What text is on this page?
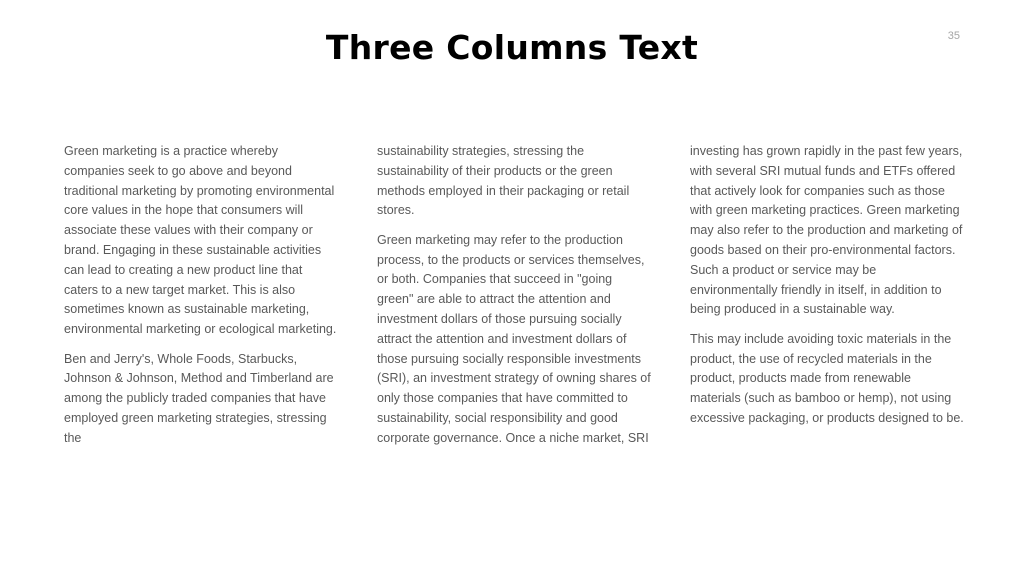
Three Columns Text	35

Green marketing is a practice whereby companies seek to go above and beyond traditional marketing by promoting environmental core values in the hope that consumers will associate these values with their company or brand. Engaging in these sustainable activities can lead to creating a new product line that caters to a new target market. This is also sometimes known as sustainable marketing, environmental marketing or ecological marketing.

Ben and Jerry's, Whole Foods, Starbucks, Johnson & Johnson, Method and Timberland are among the publicly traded companies that have employed green marketing strategies, stressing the

sustainability strategies, stressing the sustainability of their products or the green methods employed in their packaging or retail stores.

Green marketing may refer to the production process, to the products or services themselves, or both. Companies that succeed in "going green" are able to attract the attention and investment dollars of those pursuing socially attract the attention and investment dollars of those pursuing socially responsible investments (SRI), an investment strategy of owning shares of only those companies that have committed to sustainability, social responsibility and good corporate governance. Once a niche market, SRI

investing has grown rapidly in the past few years, with several SRI mutual funds and ETFs offered that actively look for companies such as those with green marketing practices. Green marketing may also refer to the production and marketing of goods based on their pro-environmental factors. Such a product or service may be environmentally friendly in itself, in addition to being produced in a sustainable way.

This may include avoiding toxic materials in the product, the use of recycled materials in the product, products made from renewable materials (such as bamboo or hemp), not using excessive packaging, or products designed to be.
